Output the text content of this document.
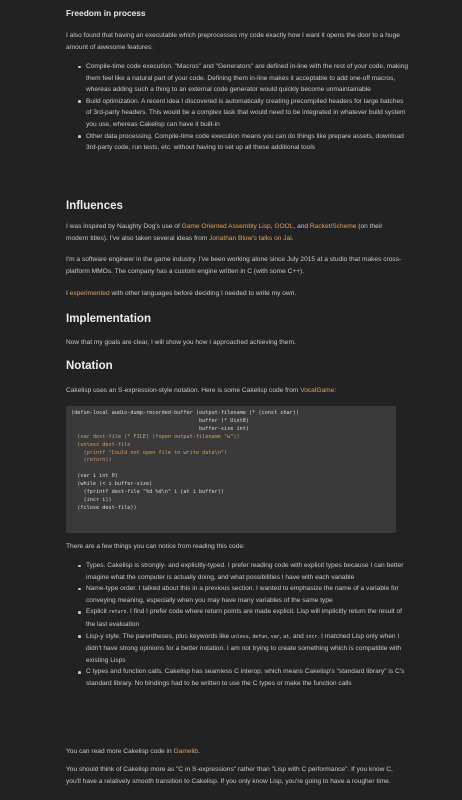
Freedom in process

I also found that having an executable which preprocesses my code exactly how I want it opens the door to a huge amount of awesome features:

Compile-time code execution. "Macros" and "Generators" are defined in-line with the rest of your code, making them feel like a natural part of your code. Defining them in-line makes it acceptable to add one-off macros, whereas adding such a thing to an external code generator would quickly become unmaintainable
Build optimization. A recent idea I discovered is automatically creating precompiled headers for large batches of 3rd-party headers. This would be a complex task that would need to be integrated in whatever build system you use, whereas Cakelisp can have it built-in
Other data processing. Compile-time code execution means you can do things like prepare assets, download 3rd-party code, run tests, etc. without having to set up all these additional tools
Influences

I was inspired by Naughty Dog's use of Game Oriented Assembly Lisp, GOOL, and Racket/Scheme (on their modern titles). I've also taken several ideas from Jonathan Blow's talks on Jai.

I'm a software engineer in the game industry. I've been working alone since July 2015 at a studio that makes cross-platform MMOs. The company has a custom engine written in C (with some C++).

I experimented with other languages before deciding I needed to write my own.

Implementation

Now that my goals are clear, I will show you how I approached achieving them.

Notation

Cakelisp uses an S-expression-style notation. Here is some Cakelisp code from VocalGame:

(defun-local audio-dump-recorded-buffer (output-filename (* (const char))
buffer (* Uint8)
buffer-size int)
(var dest-file (* FILE) (fopen output-filename "w"))
(unless dest-file
(printf "Could not open file to write data\n")
(return))

(var i int 0)
(while (< i buffer-size)
(fprintf dest-file "%d %d\n" i (at i buffer))
(incr i))
(fclose dest-file))

There are a few things you can notice from reading this code:

Types. Cakelisp is strongly- and explicitly-typed. I prefer reading code with explicit types because I can better imagine what the computer is actually doing, and what possibilities I have with each variable
Name-type order. I talked about this in a previous section. I wanted to emphasize the name of a variable for conveying meaning, especially when you may have many variables of the same type
Explicit return. I find I prefer code where return points are made explicit. Lisp will implicitly return the result of the last evaluation
Lisp-y style. The parentheses, plus keywords like unless, defun, var, at, and incr. I matched Lisp only when I didn't have strong opinions for a better notation. I am not trying to create something which is compatible with existing Lisps
C types and function calls. Cakelisp has seamless C interop, which means Cakelisp's "standard library" is C's standard library. No bindings had to be written to use the C types or make the function calls

You can read more Cakelisp code in Gamelib.

You should think of Cakelisp more as "C in S-expressions" rather than "Lisp with C performance". If you know C, you'll have a relatively smooth transition to Cakelisp. If you only know Lisp, you're going to have a rougher time.
